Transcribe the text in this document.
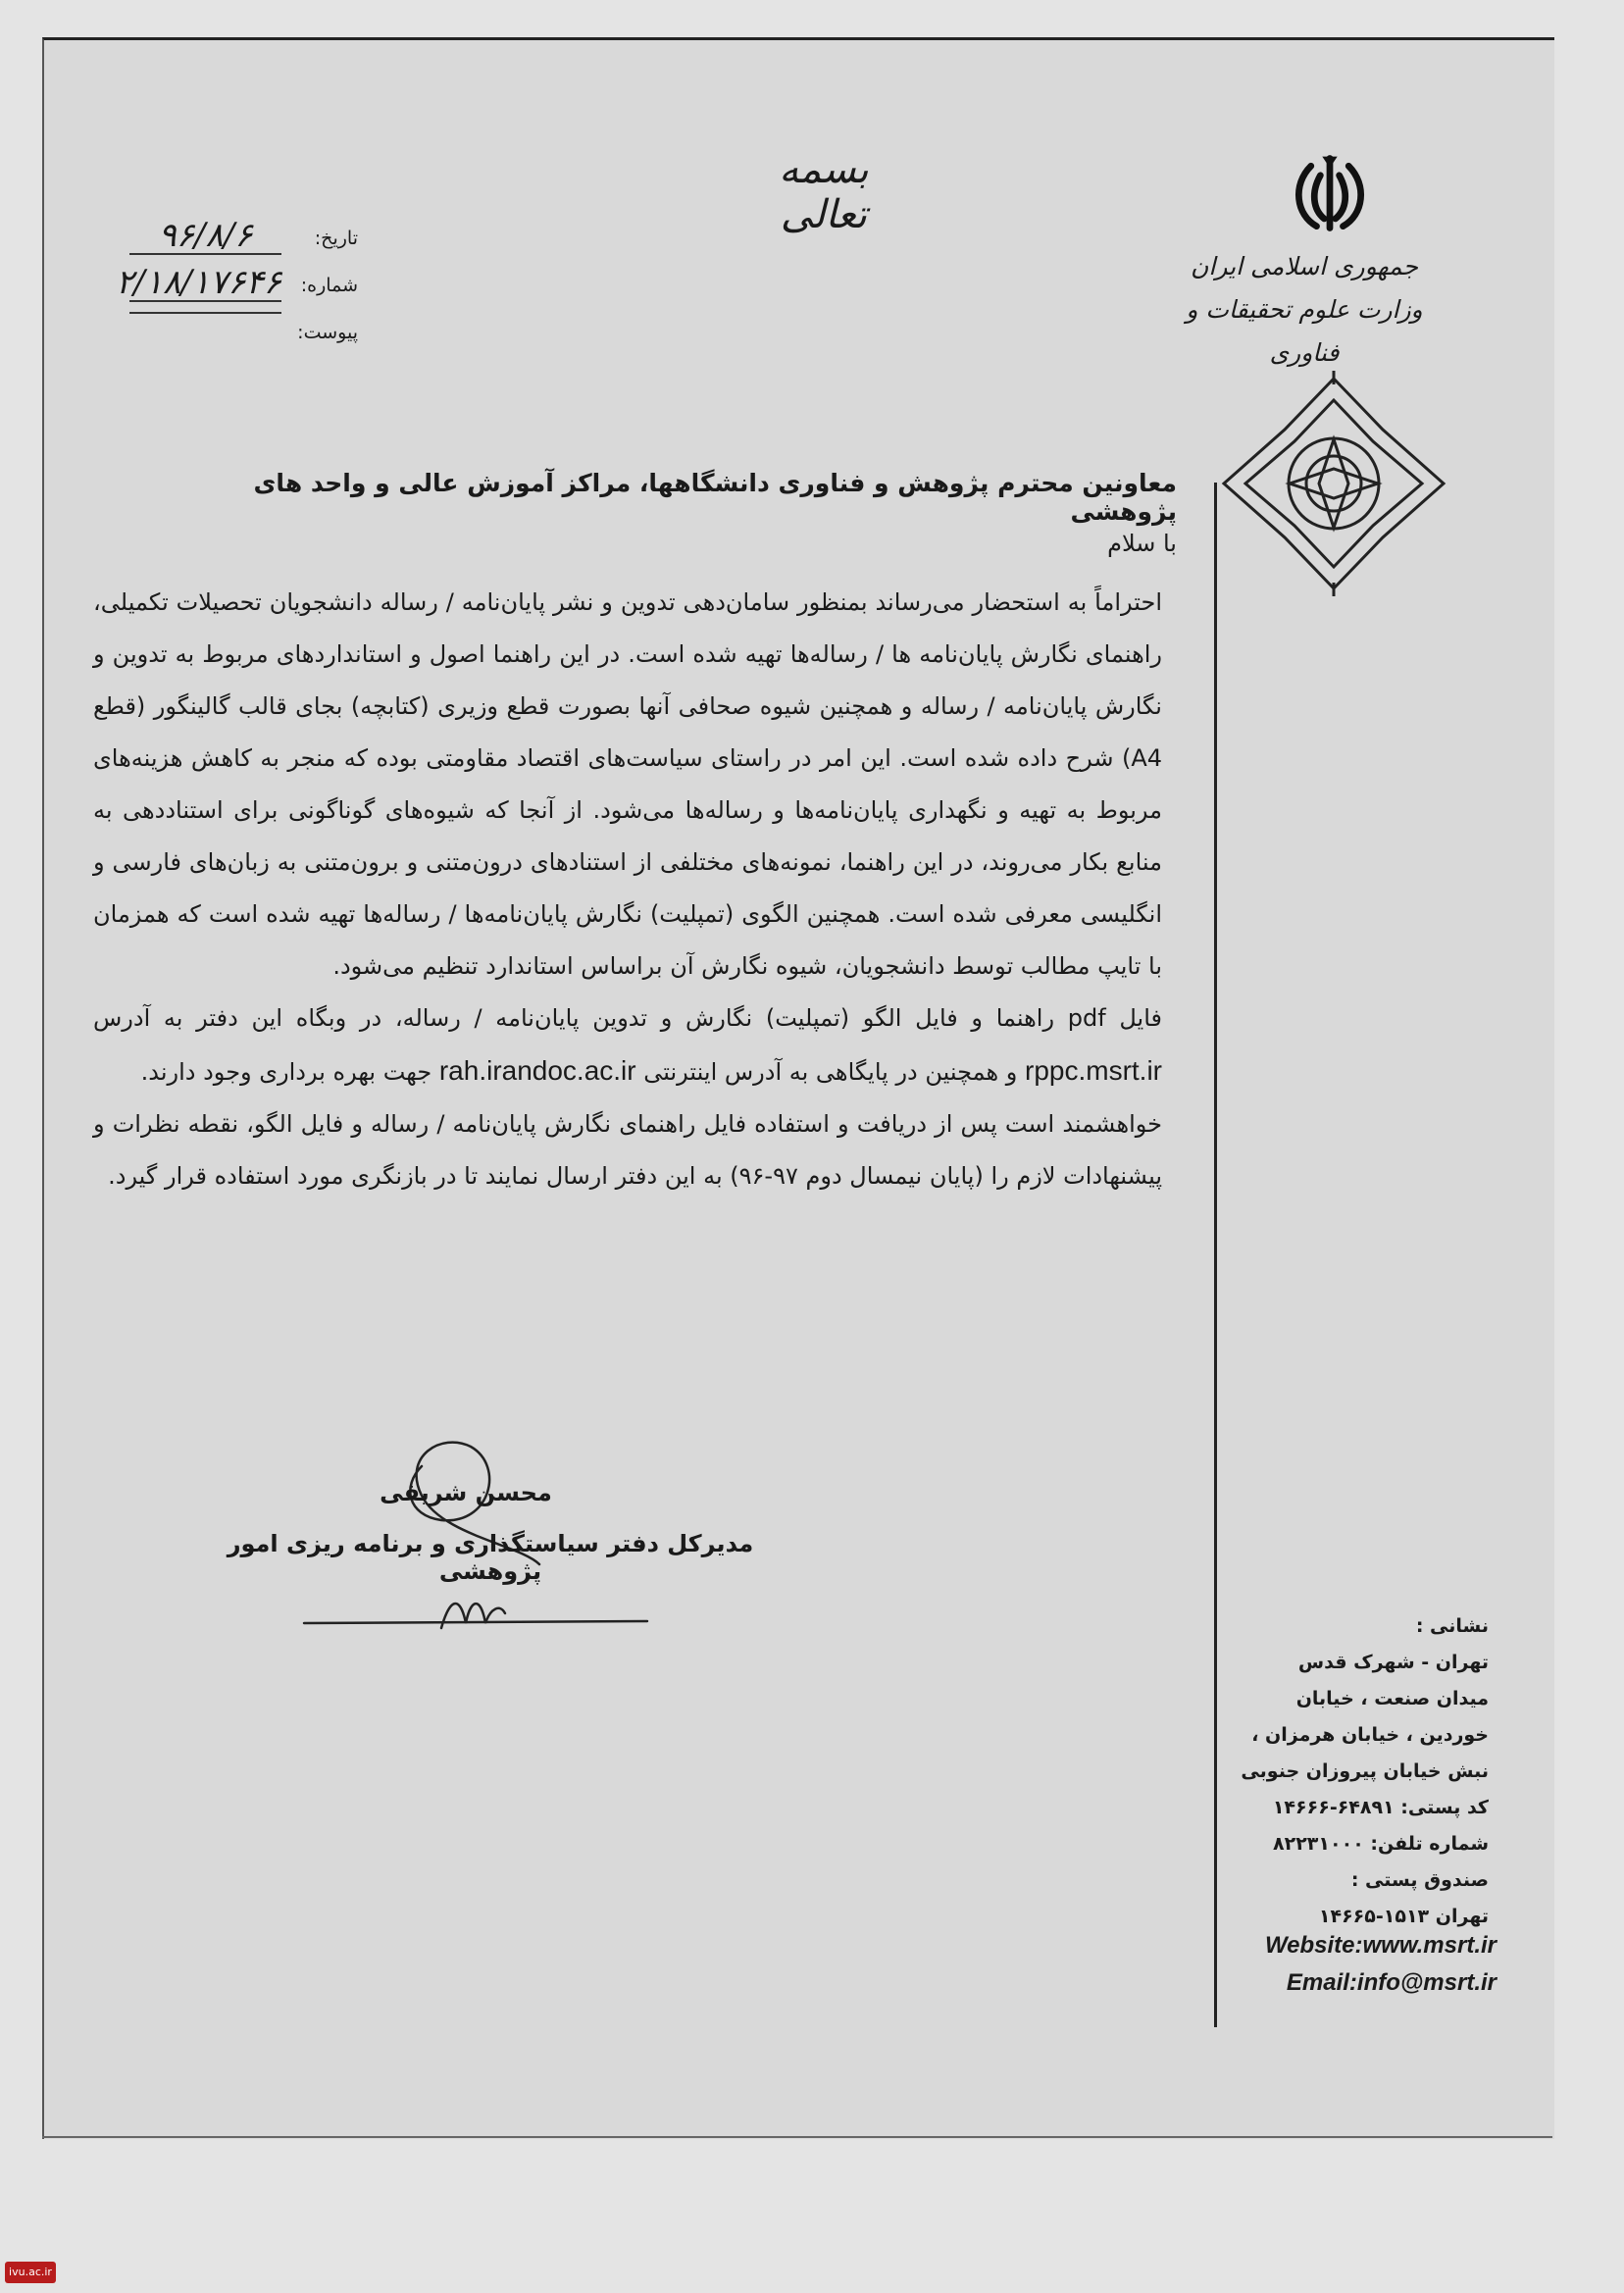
بسمه تعالی
جمهوری اسلامی ایران
وزارت علوم تحقیقات و فناوری
تاریخ:
۹۶/۸/۶
شماره:
۲/۱۸/۱۷۶۴۶
پیوست:
معاونین محترم پژوهش و فناوری دانشگاهها، مراکز آموزش عالی و واحد های پژوهشی
با سلام

احتراماً به استحضار می‌رساند بمنظور سامان‌دهی تدوین و نشر پایان‌نامه / رساله دانشجویان تحصیلات تکمیلی، راهنمای نگارش پایان‌نامه ها / رساله‌ها تهیه شده است. در این راهنما اصول و استانداردهای مربوط به تدوین و نگارش پایان‌نامه / رساله و همچنین شیوه صحافی آنها بصورت قطع وزیری (کتابچه) بجای قالب گالینگور (قطع A4) شرح داده شده است. این امر در راستای سیاست‌های اقتصاد مقاومتی بوده که منجر به کاهش هزینه‌های مربوط به تهیه و نگهداری پایان‌نامه‌ها و رساله‌ها می‌شود. از آنجا که شیوه‌های گوناگونی برای استناددهی به منابع بکار می‌روند، در این راهنما، نمونه‌های مختلفی از استنادهای درون‌متنی و برون‌متنی به زبان‌های فارسی و انگلیسی معرفی شده است. همچنین الگوی (تمپلیت) نگارش پایان‌نامه‌ها / رساله‌ها تهیه شده است که همزمان با تایپ مطالب توسط دانشجویان، شیوه نگارش آن براساس استاندارد تنظیم می‌شود.

فایل pdf راهنما و فایل الگو (تمپلیت) نگارش و تدوین پایان‌نامه / رساله، در وبگاه این دفتر به آدرس rppc.msrt.ir و همچنین در پایگاهی به آدرس اینترنتی rah.irandoc.ac.ir جهت بهره برداری وجود دارند.

خواهشمند است پس از دریافت و استفاده فایل راهنمای نگارش پایان‌نامه / رساله و فایل الگو، نقطه نظرات و پیشنهادات لازم را (پایان نیمسال دوم ۹۷-۹۶) به این دفتر ارسال نمایند تا در بازنگری مورد استفاده قرار گیرد.

محسن شریفی
مدیرکل دفتر سیاستگذاری و برنامه ریزی امور پژوهشی
نشانی :
تهران - شهرک قدس
میدان صنعت ، خیابان
خوردین ، خیابان هرمزان ،
نبش خیابان پیروزان جنوبی
کد پستی: ۶۴۸۹۱-۱۴۶۶۶
شماره تلفن: ۸۲۲۳۱۰۰۰
صندوق پستی :
تهران ۱۵۱۳-۱۴۶۶۵
Website:www.msrt.ir
Email:info@msrt.ir
ivu.ac.ir
